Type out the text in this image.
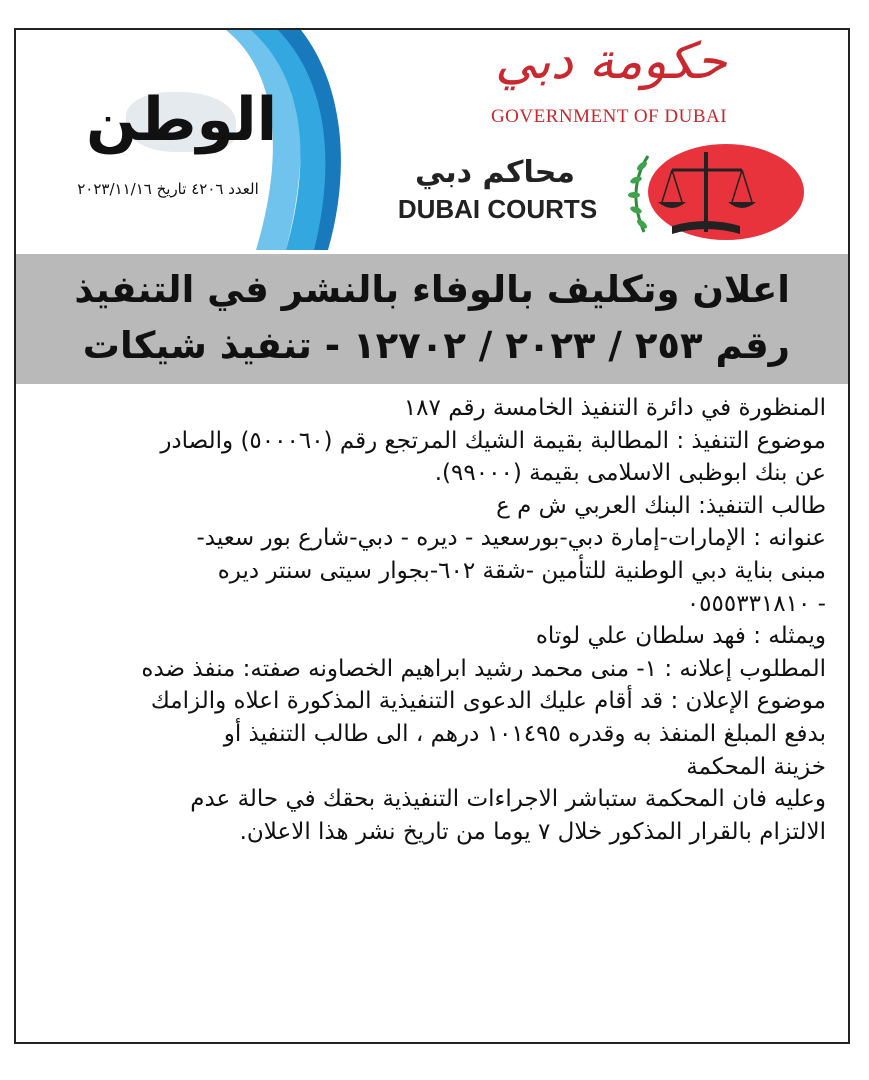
الوطن
العدد ٤٢٠٦ تاريخ ٢٠٢٣/١١/١٦
حكومة دبي
GOVERNMENT OF DUBAI
محاكم دبي
DUBAI COURTS
اعلان وتكليف بالوفاء بالنشر في التنفيذ
رقم ٢٥٣ / ٢٠٢٣ / ١٢٧٠٢ - تنفيذ شيكات

المنظورة في دائرة التنفيذ الخامسة رقم ١٨٧

موضوع التنفيذ : المطالبة بقيمة الشيك المرتجع رقم (٥٠٠٠٦٠) والصادر

عن بنك ابوظبى الاسلامى بقيمة (٩٩٠٠٠).

طالب التنفيذ: البنك العربي ش م ع

عنوانه : الإمارات-إمارة دبي-بورسعيد - ديره - دبي-شارع بور سعيد-

مبنى بناية دبي الوطنية للتأمين -شقة ٦٠٢-بجوار سيتى سنتر ديره

- ٠٥٥٥٣٣١٨١٠

ويمثله : فهد سلطان علي لوتاه

المطلوب إعلانه : ١- منى محمد رشيد ابراهيم الخصاونه صفته: منفذ ضده

موضوع الإعلان : قد أقام عليك الدعوى التنفيذية المذكورة اعلاه والزامك

بدفع المبلغ المنفذ به وقدره ١٠١٤٩٥ درهم ، الى طالب التنفيذ أو

خزينة المحكمة

وعليه فان المحكمة ستباشر الاجراءات التنفيذية بحقك في حالة عدم

الالتزام بالقرار المذكور خلال ٧ يوما من تاريخ نشر هذا الاعلان.
